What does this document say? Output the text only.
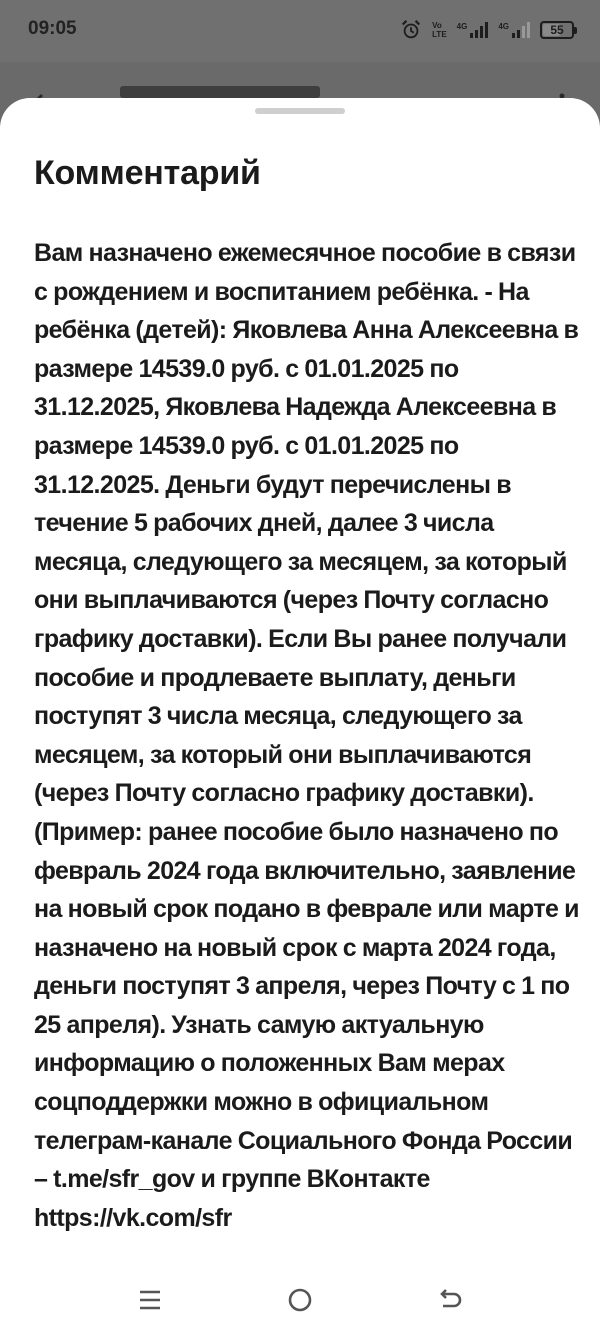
09:05	Vo
LTE
4G	4G	55
Комментарий
Вам назначено ежемесячное пособие в связи
с рождением и воспитанием ребёнка. - На
ребёнка (детей): Яковлева Анна Алексеевна в
размере 14539.0 руб. с 01.01.2025 по
31.12.2025, Яковлева Надежда Алексеевна в
размере 14539.0 руб. с 01.01.2025 по
31.12.2025. Деньги будут перечислены в
течение 5 рабочих дней, далее 3 числа
месяца, следующего за месяцем, за который
они выплачиваются (через Почту согласно
графику доставки). Если Вы ранее получали
пособие и продлеваете выплату, деньги
поступят 3 числа месяца, следующего за
месяцем, за который они выплачиваются
(через Почту согласно графику доставки).
(Пример: ранее пособие было назначено по
февраль 2024 года включительно, заявление
на новый срок подано в феврале или марте и
назначено на новый срок с марта 2024 года,
деньги поступят 3 апреля, через Почту с 1 по
25 апреля). Узнать самую актуальную
информацию о положенных Вам мерах
соцподдержки можно в официальном
телеграм-канале Социального Фонда России
– t.me/sfr_gov и группе ВКонтакте
https://vk.com/sfr
